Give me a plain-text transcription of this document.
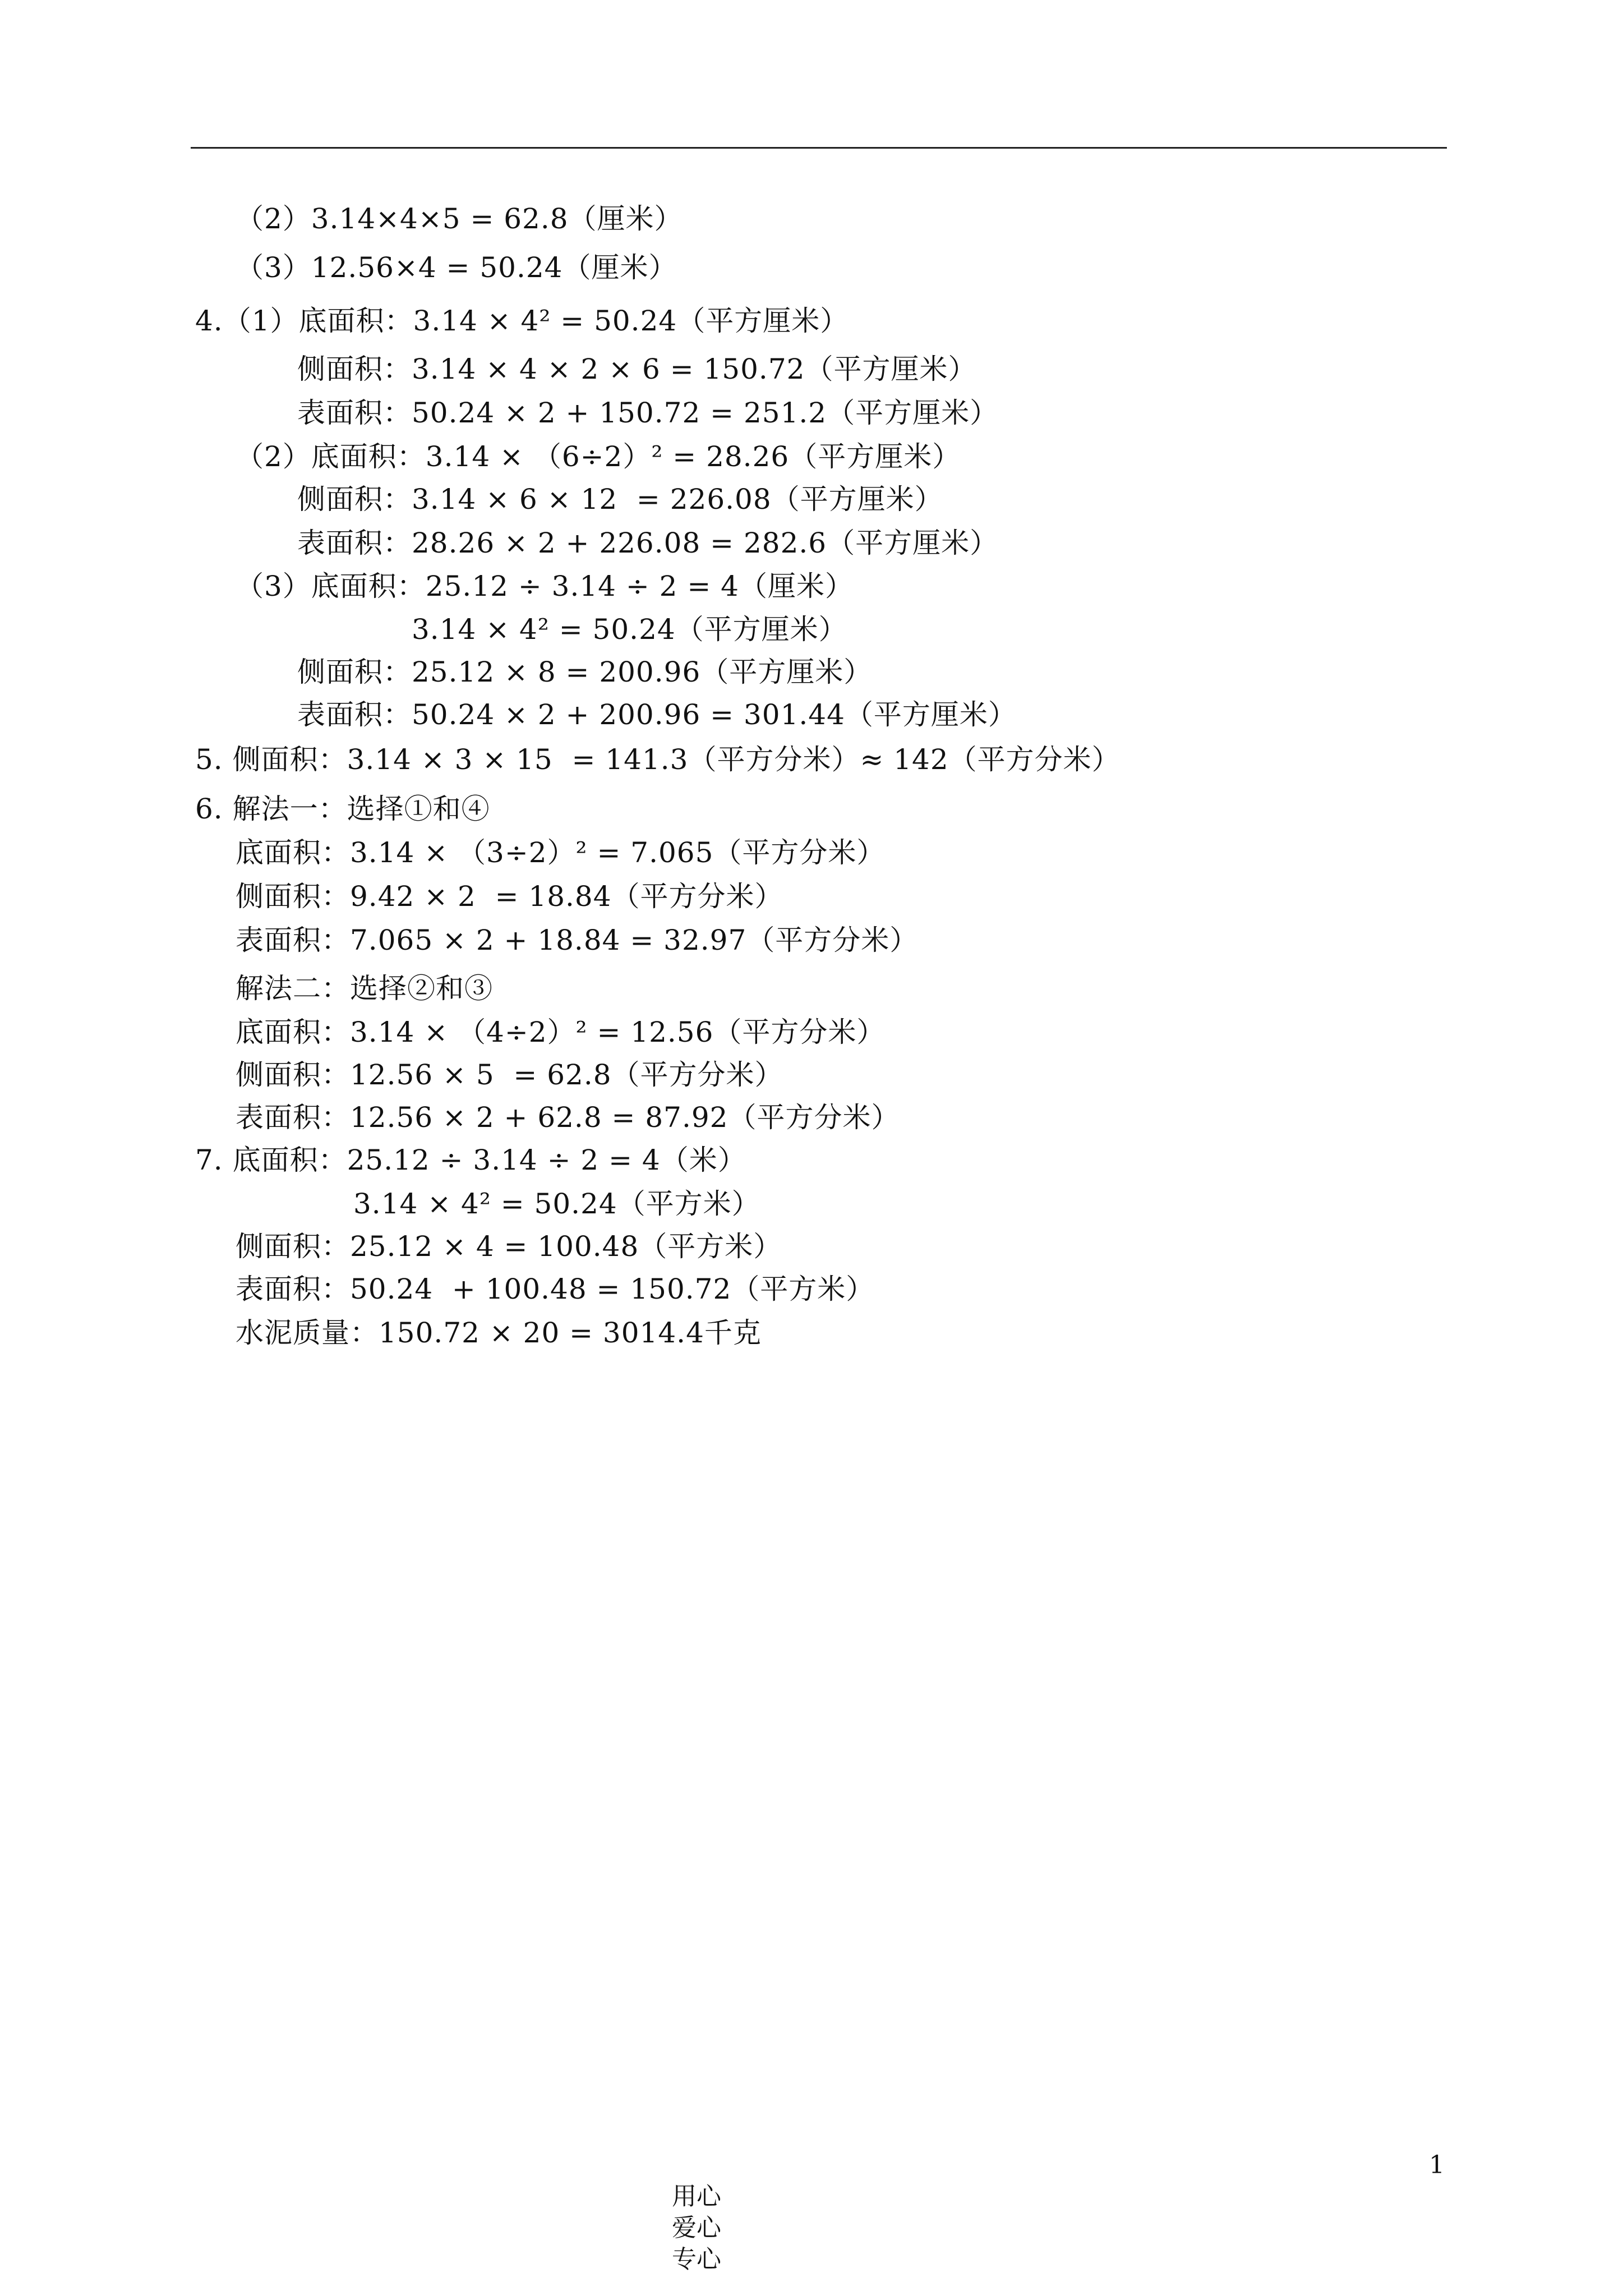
（2）3.14×4×5 = 62.8（厘米）
（3）12.56×4 = 50.24（厘米）
4.（1）底面积：3.14 × 4² = 50.24（平方厘米）
侧面积：3.14 × 4 × 2 × 6 = 150.72（平方厘米）
表面积：50.24 × 2 + 150.72 = 251.2（平方厘米）
（2）底面积：3.14 × （6÷2）² = 28.26（平方厘米）
侧面积：3.14 × 6 × 12  = 226.08（平方厘米）
表面积：28.26 × 2 + 226.08 = 282.6（平方厘米）
（3）底面积：25.12 ÷ 3.14 ÷ 2 = 4（厘米）
3.14 × 4² = 50.24（平方厘米）
侧面积：25.12 × 8 = 200.96（平方厘米）
表面积：50.24 × 2 + 200.96 = 301.44（平方厘米）
5. 侧面积：3.14 × 3 × 15  = 141.3（平方分米）≈ 142（平方分米）
6. 解法一：选择①和④
底面积：3.14 × （3÷2）² = 7.065（平方分米）
侧面积：9.42 × 2  = 18.84（平方分米）
表面积：7.065 × 2 + 18.84 = 32.97（平方分米）
解法二：选择②和③
底面积：3.14 × （4÷2）² = 12.56（平方分米）
侧面积：12.56 × 5  = 62.8（平方分米）
表面积：12.56 × 2 + 62.8 = 87.92（平方分米）
7. 底面积：25.12 ÷ 3.14 ÷ 2 = 4（米）
3.14 × 4² = 50.24（平方米）
侧面积：25.12 × 4 = 100.48（平方米）
表面积：50.24  + 100.48 = 150.72（平方米）
水泥质量：150.72 × 20 = 3014.4千克

用心
爱心
专心

1
